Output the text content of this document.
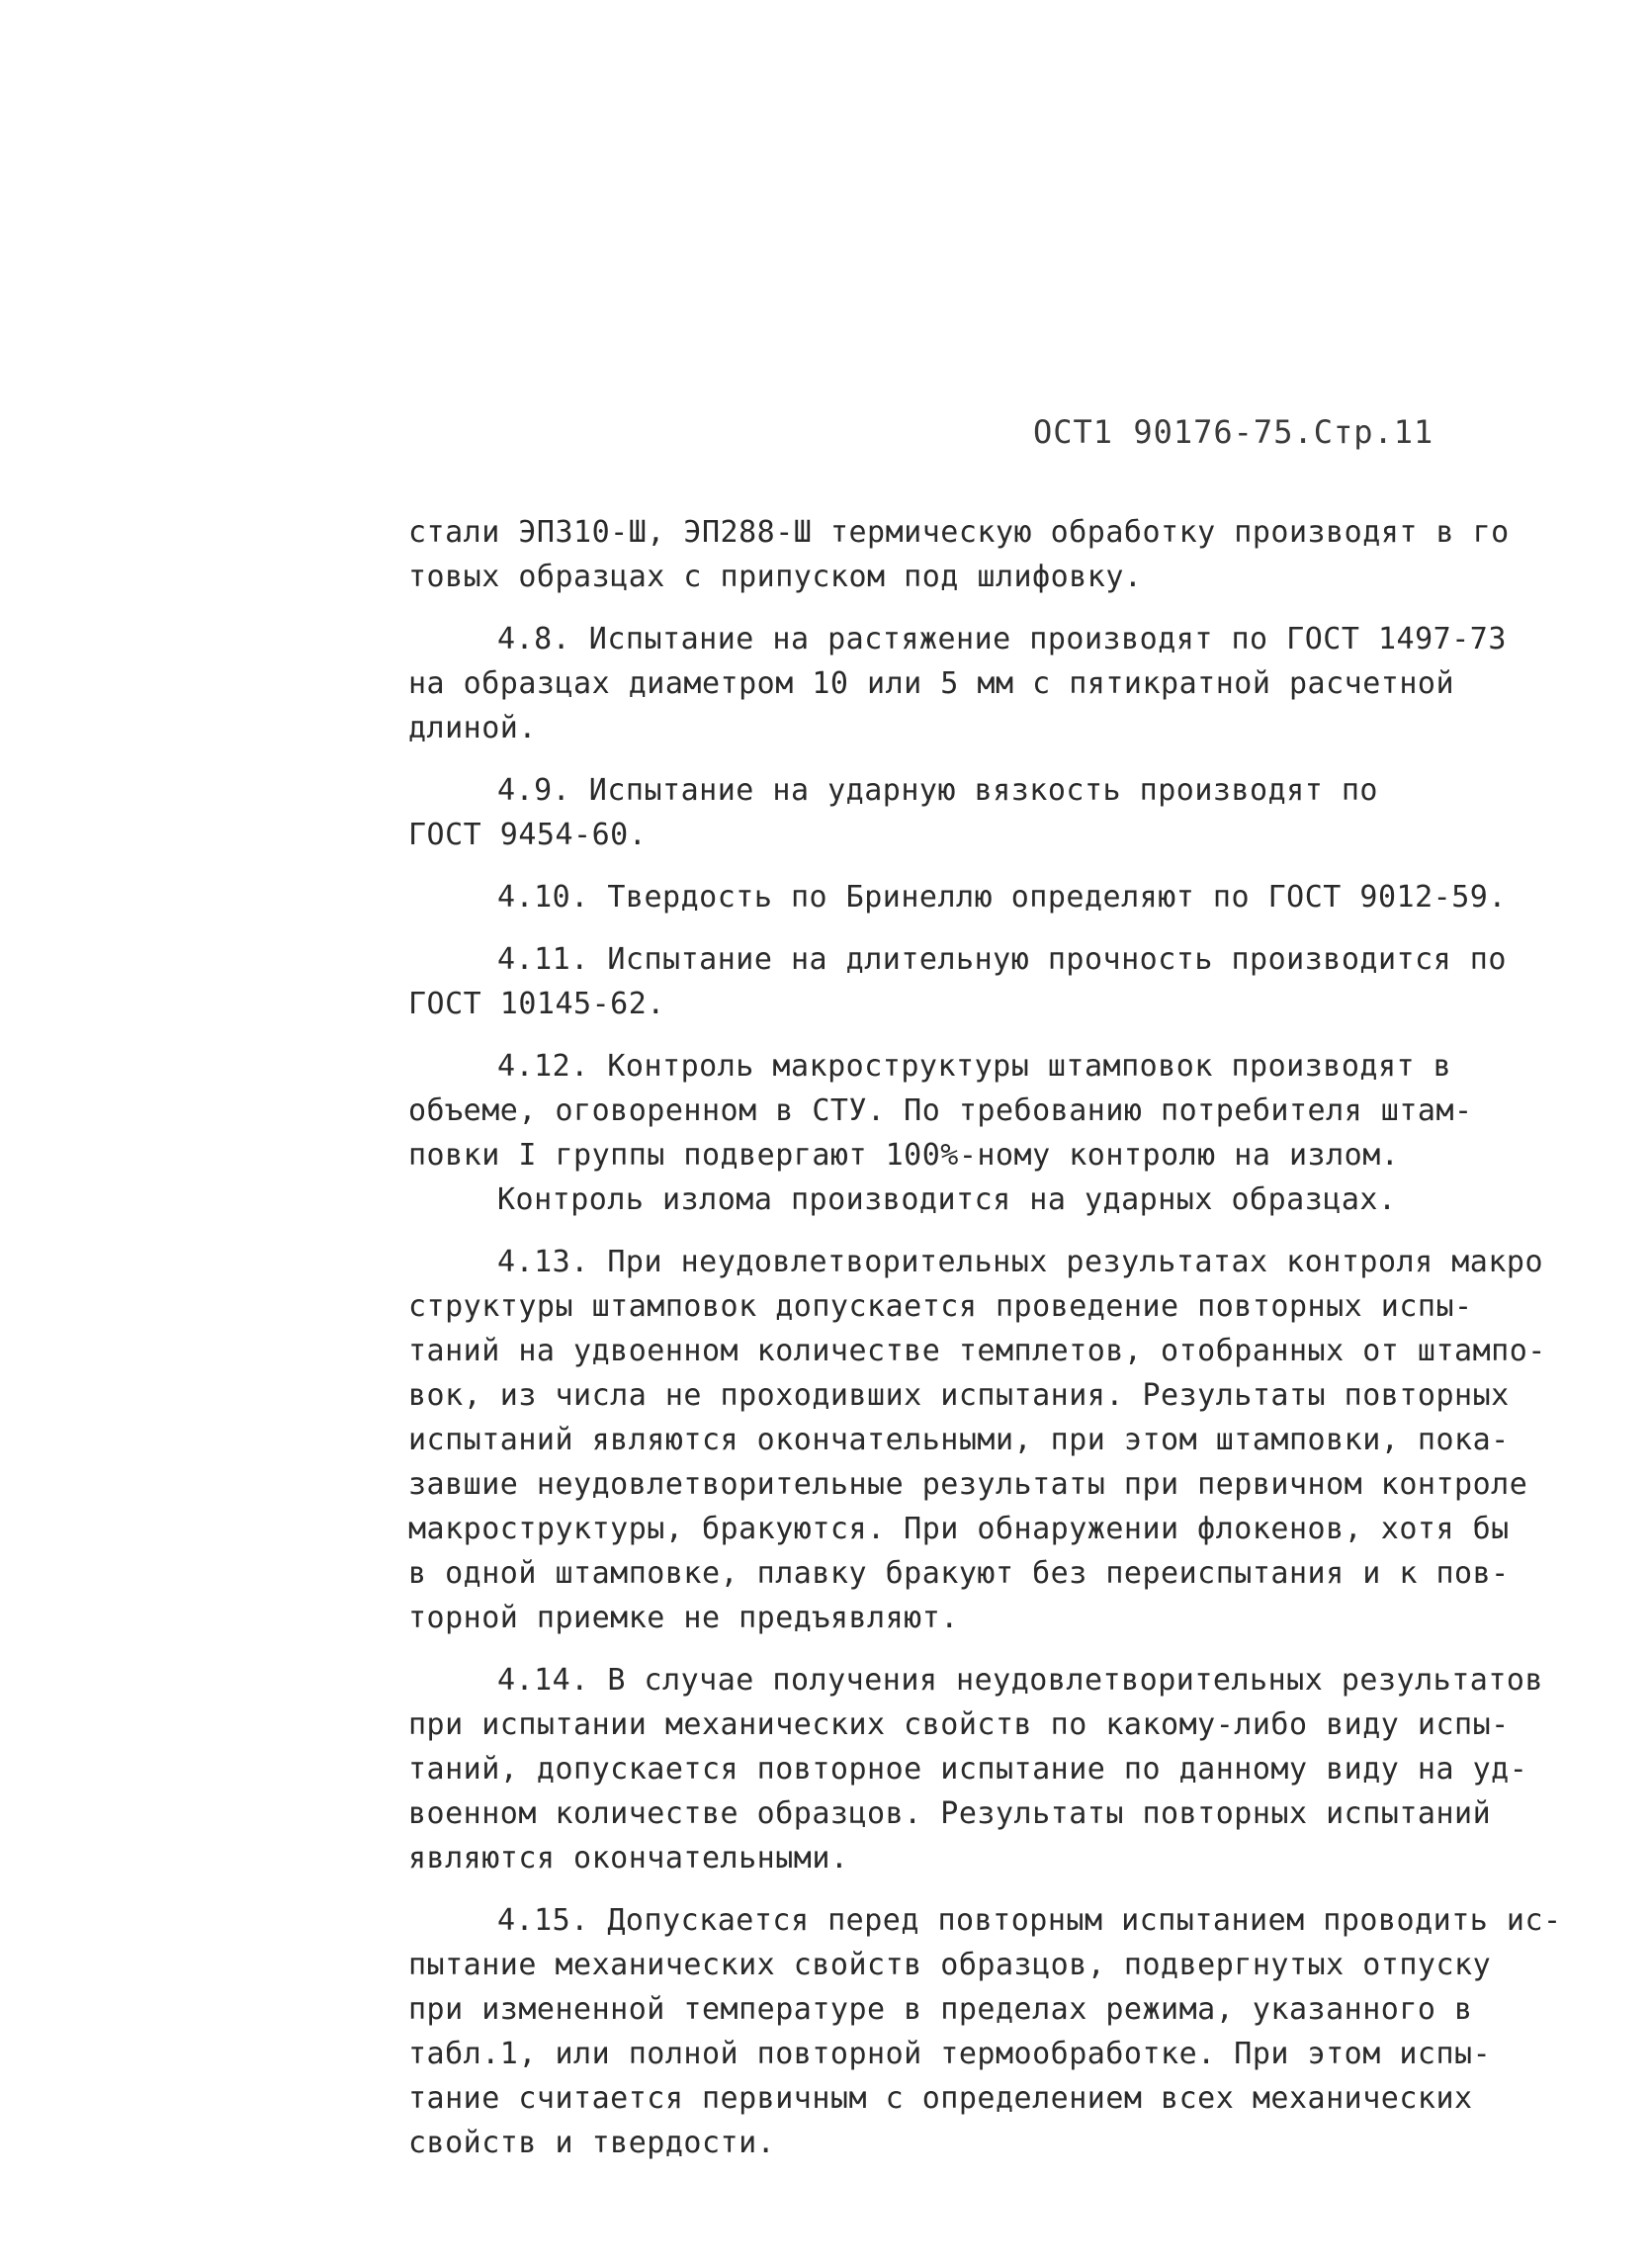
ОСТ1 90176-75.Стр.11
стали ЭП310-Ш, ЭП288-Ш термическую обработку производят в го
товых образцах с припуском под шлифовку.
4.8. Испытание на растяжение производят по ГОСТ 1497-73
на образцах диаметром 10 или 5 мм с пятикратной расчетной
длиной.
4.9. Испытание на ударную вязкость производят по
ГОСТ 9454-60.
4.10. Твердость по Бринеллю определяют по ГОСТ 9012-59.
4.11. Испытание на длительную прочность производится по
ГОСТ 10145-62.
4.12. Контроль макроструктуры штамповок производят в
объеме, оговоренном в СТУ. По требованию потребителя штам-
повки I группы подвергают 100%-ному контролю на излом.
Контроль излома производится на ударных образцах.
4.13. При неудовлетворительных результатах контроля макро
структуры штамповок допускается проведение повторных испы-
таний на удвоенном количестве темплетов, отобранных от штампо-
вок, из числа не проходивших испытания. Результаты повторных
испытаний являются окончательными, при этом штамповки, пока-
завшие неудовлетворительные результаты при первичном контроле
макроструктуры, бракуются. При обнаружении флокенов, хотя бы
в одной штамповке, плавку бракуют без переиспытания и к пов-
торной приемке не предъявляют.
4.14. В случае получения неудовлетворительных результатов
при испытании механических свойств по какому-либо виду испы-
таний, допускается повторное испытание по данному виду на уд-
военном количестве образцов. Результаты повторных испытаний
являются окончательными.
4.15. Допускается перед повторным испытанием проводить ис-
пытание механических свойств образцов, подвергнутых отпуску
при измененной температуре в пределах режима, указанного в
табл.1, или полной повторной термообработке. При этом испы-
тание считается первичным с определением всех механических
свойств и твердости.
